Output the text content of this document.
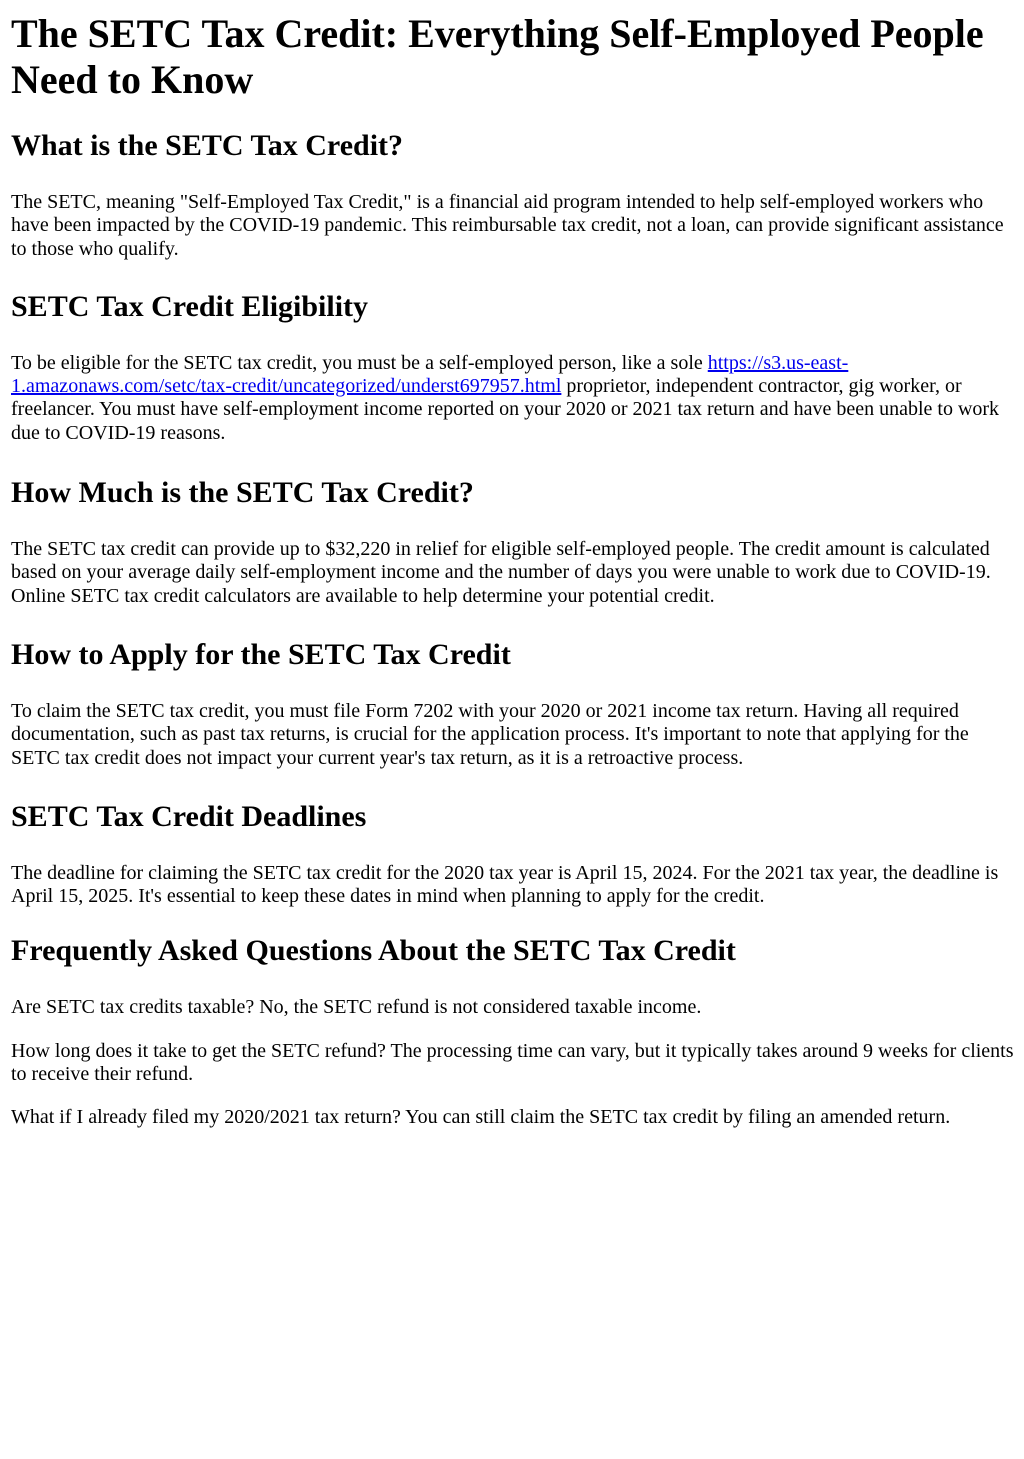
The SETC Tax Credit: Everything Self-Employed People Need to Know
What is the SETC Tax Credit?

The SETC, meaning "Self-Employed Tax Credit," is a financial aid program intended to help self-employed workers who have been impacted by the COVID-19 pandemic. This reimbursable tax credit, not a loan, can provide significant assistance to those who qualify.

SETC Tax Credit Eligibility

To be eligible for the SETC tax credit, you must be a self-employed person, like a sole https://s3.us-east-1.amazonaws.com/setc/tax-credit/uncategorized/underst697957.html proprietor, independent contractor, gig worker, or freelancer. You must have self-employment income reported on your 2020 or 2021 tax return and have been unable to work due to COVID-19 reasons.

How Much is the SETC Tax Credit?

The SETC tax credit can provide up to $32,220 in relief for eligible self-employed people. The credit amount is calculated based on your average daily self-employment income and the number of days you were unable to work due to COVID-19. Online SETC tax credit calculators are available to help determine your potential credit.

How to Apply for the SETC Tax Credit

To claim the SETC tax credit, you must file Form 7202 with your 2020 or 2021 income tax return. Having all required documentation, such as past tax returns, is crucial for the application process. It's important to note that applying for the SETC tax credit does not impact your current year's tax return, as it is a retroactive process.

SETC Tax Credit Deadlines

The deadline for claiming the SETC tax credit for the 2020 tax year is April 15, 2024. For the 2021 tax year, the deadline is April 15, 2025. It's essential to keep these dates in mind when planning to apply for the credit.

Frequently Asked Questions About the SETC Tax Credit

Are SETC tax credits taxable? No, the SETC refund is not considered taxable income.

How long does it take to get the SETC refund? The processing time can vary, but it typically takes around 9 weeks for clients to receive their refund.

What if I already filed my 2020/2021 tax return? You can still claim the SETC tax credit by filing an amended return.
